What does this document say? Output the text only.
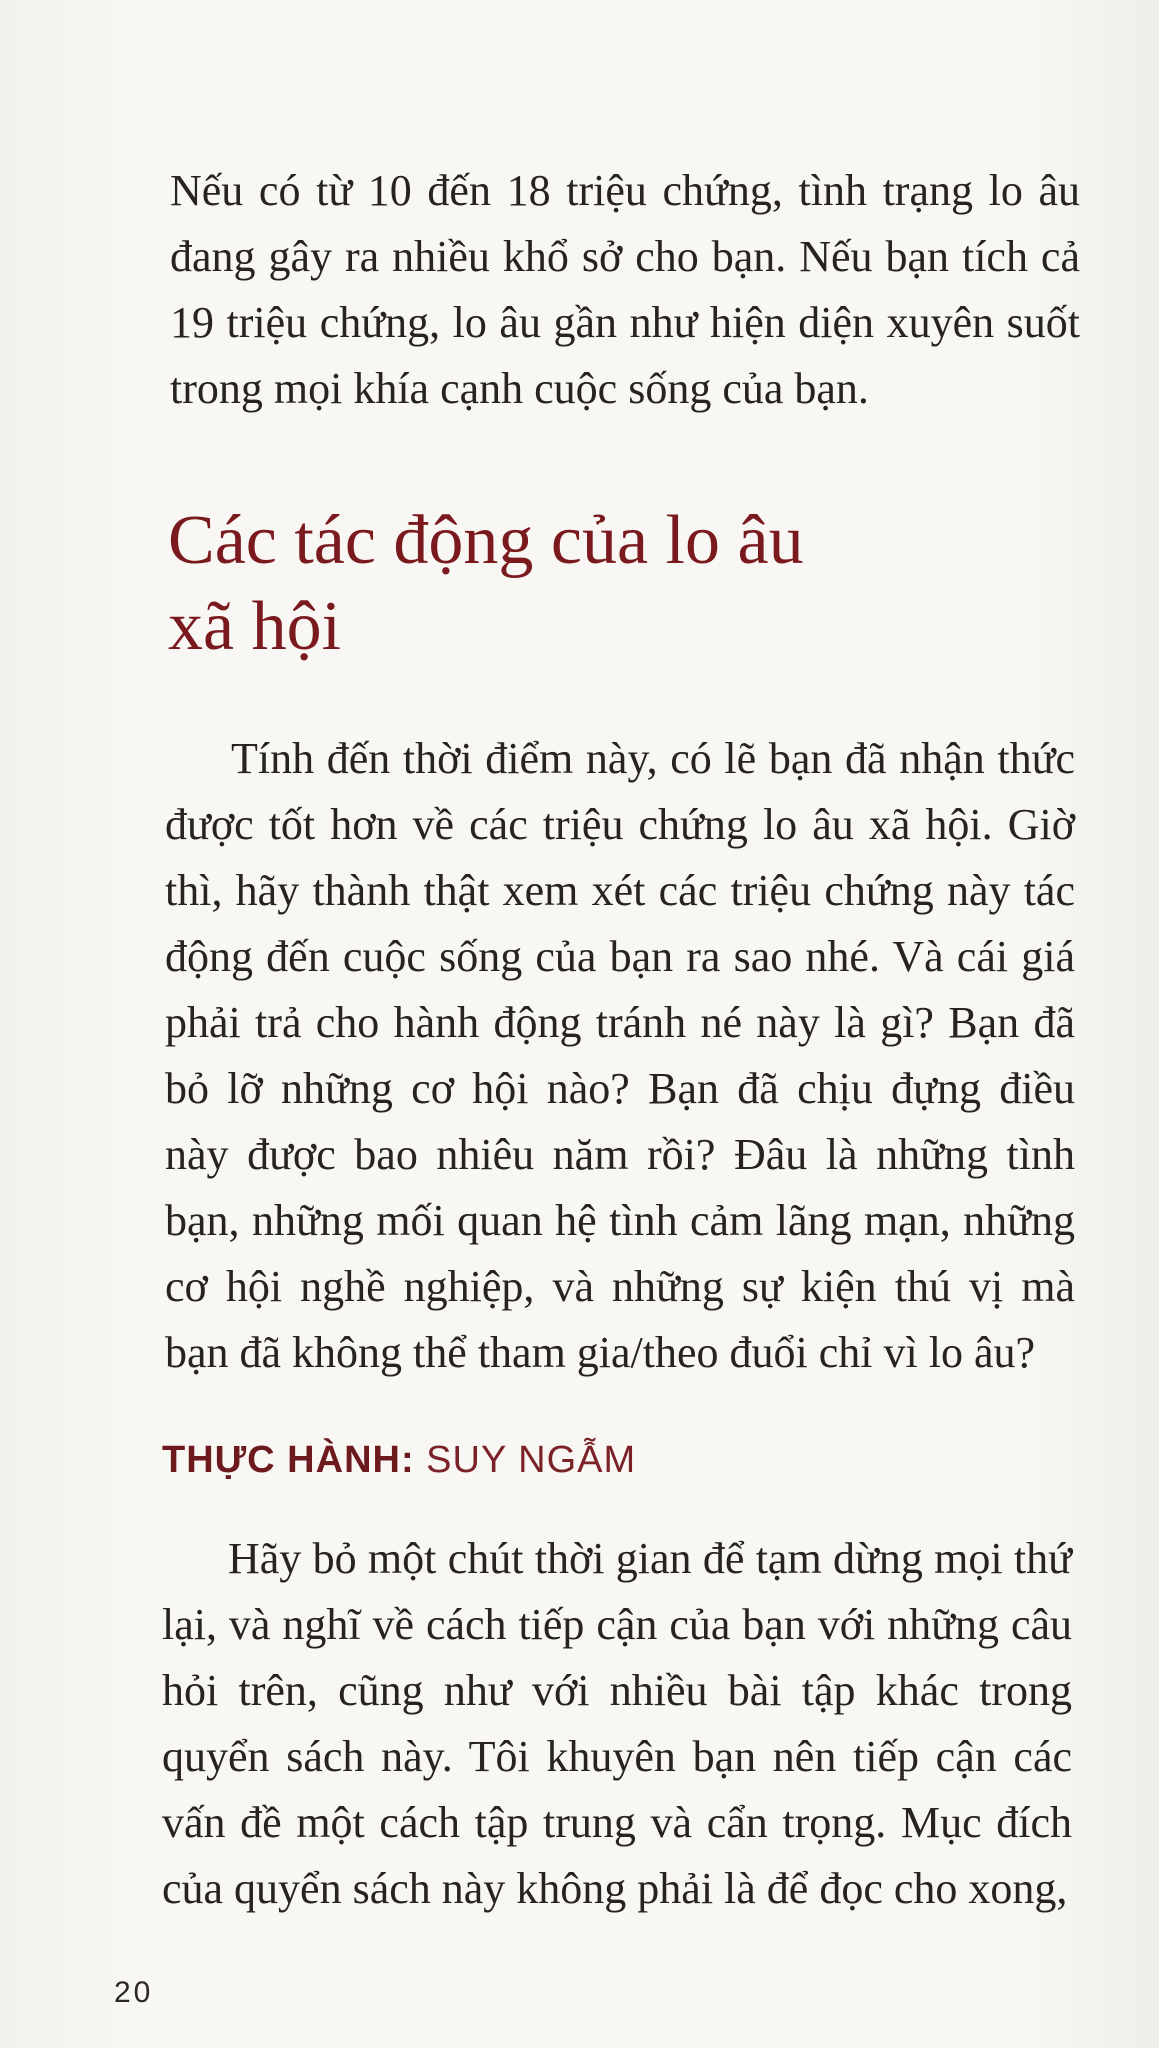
Nếu có từ 10 đến 18 triệu chứng, tình trạng lo âu đang gây ra nhiều khổ sở cho bạn. Nếu bạn tích cả 19 triệu chứng, lo âu gần như hiện diện xuyên suốt trong mọi khía cạnh cuộc sống của bạn.

Các tác động của lo âu
xã hội

Tính đến thời điểm này, có lẽ bạn đã nhận thức được tốt hơn về các triệu chứng lo âu xã hội. Giờ thì, hãy thành thật xem xét các triệu chứng này tác động đến cuộc sống của bạn ra sao nhé. Và cái giá phải trả cho hành động tránh né này là gì? Bạn đã bỏ lỡ những cơ hội nào? Bạn đã chịu đựng điều này được bao nhiêu năm rồi? Đâu là những tình bạn, những mối quan hệ tình cảm lãng mạn, những cơ hội nghề nghiệp, và những sự kiện thú vị mà bạn đã không thể tham gia/theo đuổi chỉ vì lo âu?

THỰC HÀNH: SUY NGẪM

Hãy bỏ một chút thời gian để tạm dừng mọi thứ lại, và nghĩ về cách tiếp cận của bạn với những câu hỏi trên, cũng như với nhiều bài tập khác trong quyển sách này. Tôi khuyên bạn nên tiếp cận các vấn đề một cách tập trung và cẩn trọng. Mục đích của quyển sách này không phải là để đọc cho xong,

20
